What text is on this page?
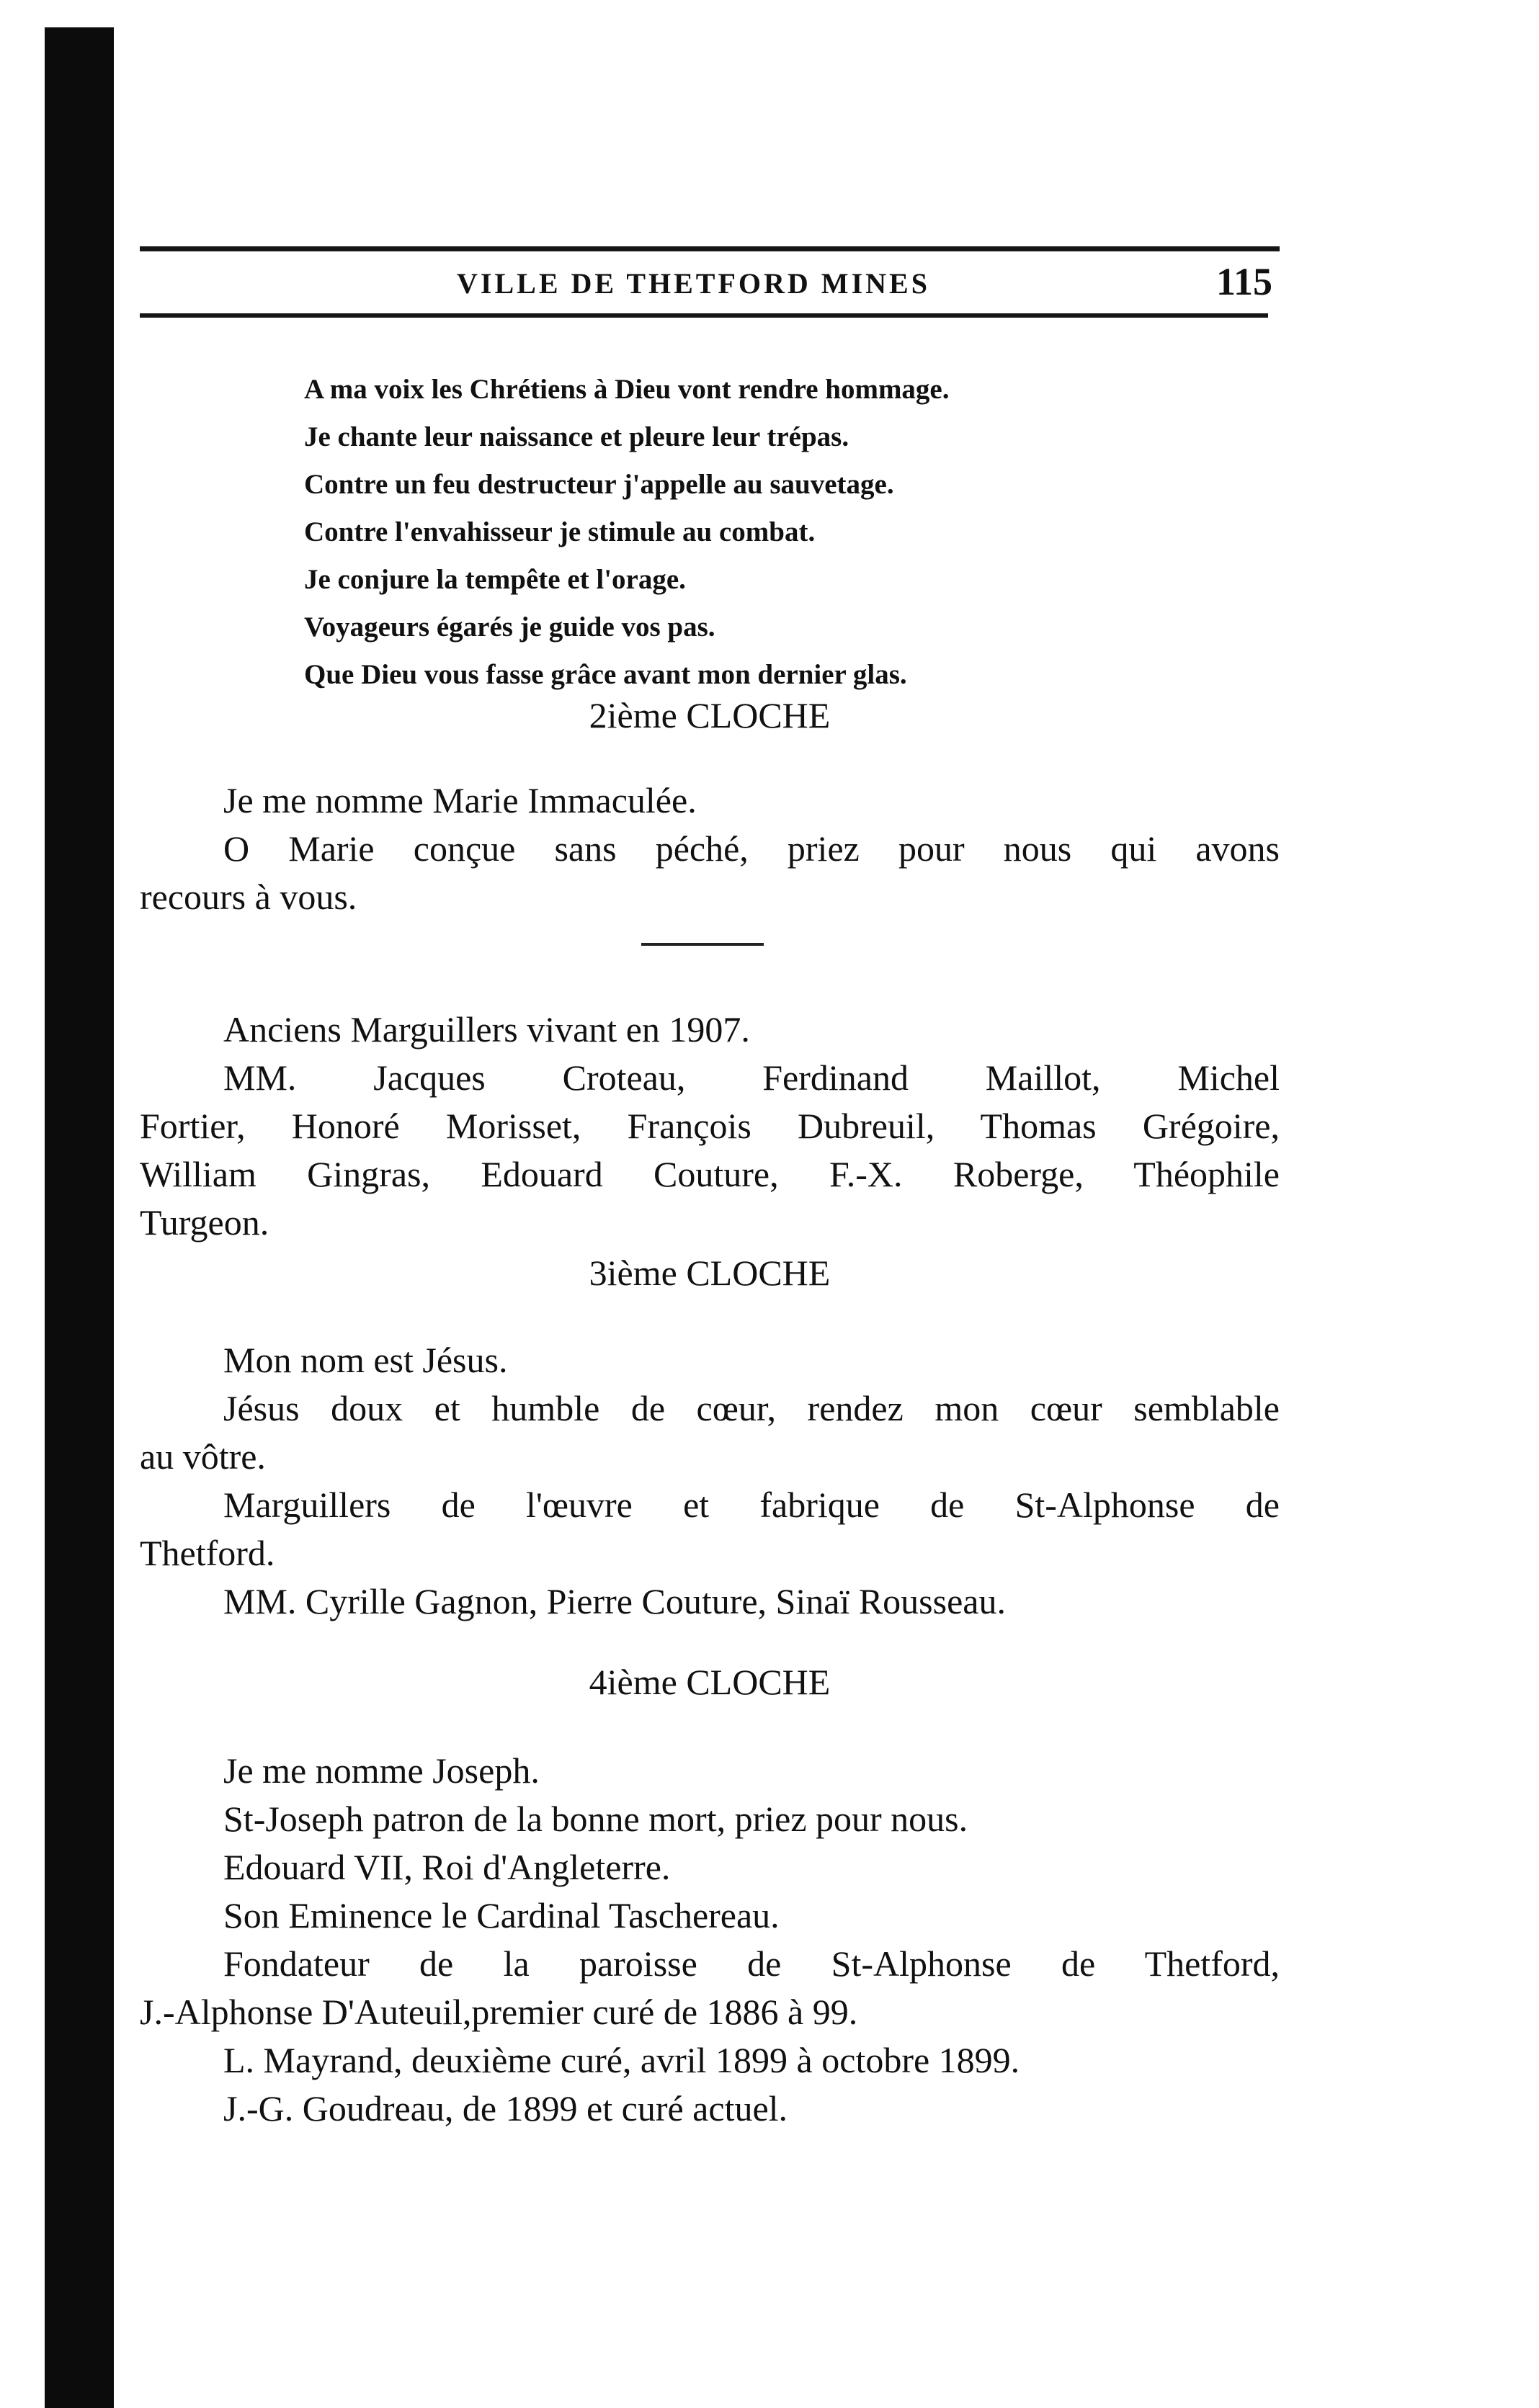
VILLE DE THETFORD MINES	115

A ma voix les Chrétiens à Dieu vont rendre hommage.

Je chante leur naissance et pleure leur trépas.

Contre un feu destructeur j'appelle au sauvetage.

Contre l'envahisseur je stimule au combat.

Je conjure la tempête et l'orage.

Voyageurs égarés je guide vos pas.

Que Dieu vous fasse grâce avant mon dernier glas.

2ième CLOCHE

Je me nomme Marie Immaculée.

O Marie conçue sans péché, priez pour nous qui avons

recours à vous.

Anciens Marguillers vivant en 1907.

MM. Jacques Croteau, Ferdinand Maillot, Michel

Fortier, Honoré Morisset, François Dubreuil, Thomas Grégoire,

William Gingras, Edouard Couture, F.-X. Roberge, Théophile

Turgeon.

3ième CLOCHE

Mon nom est Jésus.

Jésus doux et humble de cœur, rendez mon cœur semblable

au vôtre.

Marguillers de l'œuvre et fabrique de St-Alphonse de

Thetford.

MM. Cyrille Gagnon, Pierre Couture, Sinaï Rousseau.

4ième CLOCHE

Je me nomme Joseph.

St-Joseph patron de la bonne mort, priez pour nous.

Edouard VII, Roi d'Angleterre.

Son Eminence le Cardinal Taschereau.

Fondateur de la paroisse de St-Alphonse de Thetford,

J.-Alphonse D'Auteuil,premier curé de 1886 à 99.

L. Mayrand, deuxième curé, avril 1899 à octobre 1899.

J.-G. Goudreau, de 1899 et curé actuel.
